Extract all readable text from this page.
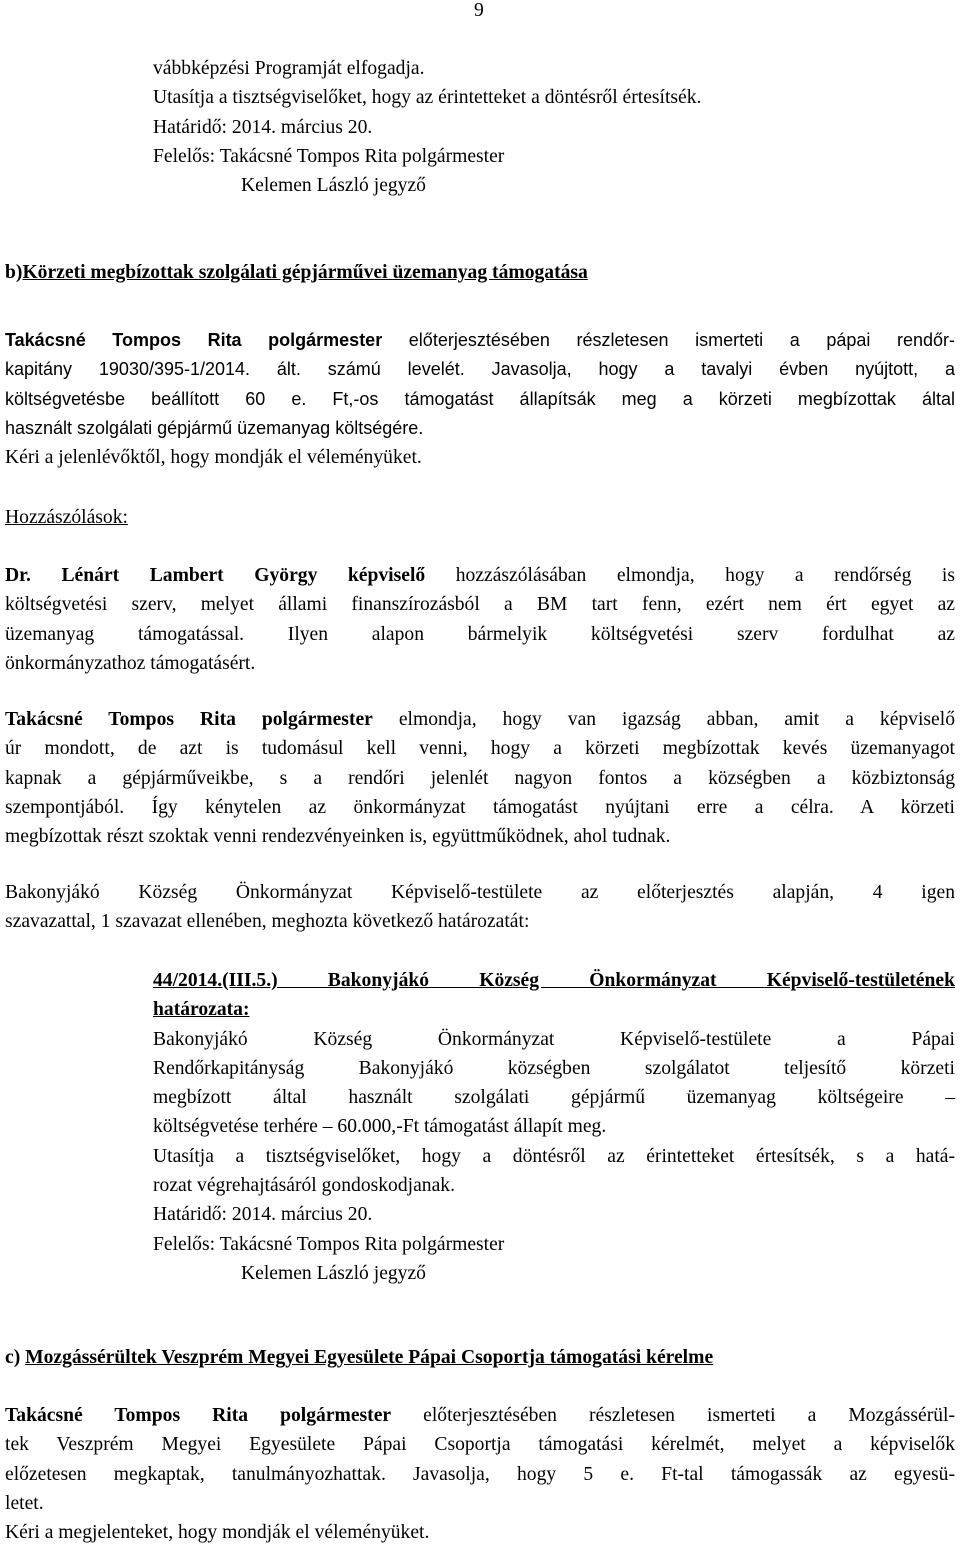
9
vábbképzési Programját elfogadja.
Utasítja a tisztségviselőket, hogy az érintetteket a döntésről értesítsék.
Határidő: 2014. március 20.
Felelős: Takácsné Tompos Rita polgármester
Kelemen László jegyző
b)Körzeti megbízottak szolgálati gépjárművei üzemanyag támogatása
Takácsné Tompos Rita polgármester előterjesztésében részletesen ismerteti a pápai rendőr-
kapitány 19030/395-1/2014. ált. számú levelét. Javasolja, hogy a tavalyi évben nyújtott, a
költségvetésbe beállított 60 e. Ft,-os támogatást állapítsák meg a körzeti megbízottak által
használt szolgálati gépjármű üzemanyag költségére.
Kéri a jelenlévőktől, hogy mondják el véleményüket.
Hozzászólások:
Dr. Lénárt Lambert György képviselő hozzászólásában elmondja, hogy a rendőrség is
költségvetési szerv, melyet állami finanszírozásból a BM tart fenn, ezért nem ért egyet az
üzemanyag támogatással. Ilyen alapon bármelyik költségvetési szerv fordulhat az
önkormányzathoz támogatásért.
Takácsné Tompos Rita polgármester elmondja, hogy van igazság abban, amit a képviselő
úr mondott, de azt is tudomásul kell venni, hogy a körzeti megbízottak kevés üzemanyagot
kapnak a gépjárműveikbe, s a rendőri jelenlét nagyon fontos a községben a közbiztonság
szempontjából. Így kénytelen az önkormányzat támogatást nyújtani erre a célra. A körzeti
megbízottak részt szoktak venni rendezvényeinken is, együttműködnek, ahol tudnak.
Bakonyjákó Község Önkormányzat Képviselő-testülete az előterjesztés alapján, 4 igen
szavazattal, 1 szavazat ellenében, meghozta következő határozatát:
44/2014.(III.5.) Bakonyjákó Község Önkormányzat Képviselő-testületének
határozata:
Bakonyjákó Község Önkormányzat Képviselő-testülete a Pápai
Rendőrkapitányság Bakonyjákó községben szolgálatot teljesítő körzeti
megbízott által használt szolgálati gépjármű üzemanyag költségeire –
költségvetése terhére – 60.000,-Ft támogatást állapít meg.
Utasítja a tisztségviselőket, hogy a döntésről az érintetteket értesítsék, s a hatá-
rozat végrehajtásáról gondoskodjanak.
Határidő: 2014. március 20.
Felelős: Takácsné Tompos Rita polgármester
Kelemen László jegyző
c) Mozgássérültek Veszprém Megyei Egyesülete Pápai Csoportja támogatási kérelme
Takácsné Tompos Rita polgármester előterjesztésében részletesen ismerteti a Mozgássérül-
tek Veszprém Megyei Egyesülete Pápai Csoportja támogatási kérelmét, melyet a képviselők
előzetesen megkaptak, tanulmányozhattak. Javasolja, hogy 5 e. Ft-tal támogassák az egyesü-
letet.
Kéri a megjelenteket, hogy mondják el véleményüket.
